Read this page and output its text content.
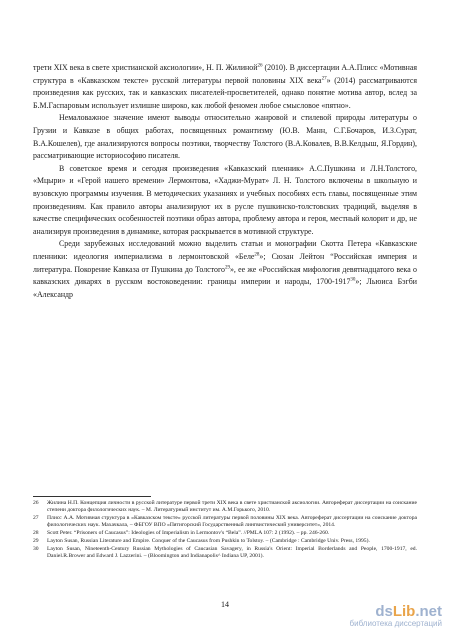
трети XIX века в свете христианской аксиологии», Н. П. Жилиной$^{26}$ (2010). В диссертации А.А.Плисс «Мотивная структура в «Кавказском тексте» русской литературы первой половины XIX века$^{27}$» (2014) рассматриваются произведения как русских, так и кавказских писателей-просветителей, однако понятие мотива автор, вслед за Б.М.Гаспаровым использует излишне широко, как любой феномен любое смысловое «пятно».

Немаловажное значение имеют выводы относительно жанровой и стилевой природы литературы о Грузии и Кавказе в общих работах, посвященных романтизму (Ю.В. Манн, С.Г.Бочаров, И.З.Сурат, В.А.Кошелев), где анализируются вопросы поэтики, творчеству Толстого (В.А.Ковалев, В.В.Келдыш, Я.Гордин), рассматривающие историософию писателя.

В советское время и сегодня произведения «Кавказский пленник» А.С.Пушкина и Л.Н.Толстого, «Мцыри» и «Герой нашего времени» Лермонтова, «Хаджи-Мурат» Л. Н. Толстого включены в школьную и вузовскую программы изучения. В методических указаниях и учебных пособиях есть главы, посвященные этим произведениям. Как правило авторы анализируют их в русле пушкинско-толстовских традиций, выделяя в качестве специфических особенностей поэтики образ автора, проблему автора и героя, местный колорит и др, не анализируя произведения в динамике, которая раскрывается в мотивной структуре.

Среди зарубежных исследований можно выделить статьи и монографии Скотта Петера «Кавказские пленники: идеология империализма в лермонтовской «Беле$^{28}$»; Сюзан Лейтон “Российская империя и литература. Покорение Кавказа от Пушкина до Толстого$^{29}$», ее же «Российская мифология девятнадцатого века о кавказских дикарях в русском востоковедении: границы империи и народы, 1700-1917$^{30}$»; Льюиса Бэгби «Александр

26	Жилина Н.П. Концепция личности в русской литературе первой трети XIX века в свете христианской аксиологии. Автореферат диссертации на соискание степени доктора филологических наук. – М. Литературный институт им. А.М.Горького, 2010.
27	Плисс А.А. Мотивная структура в «Кавказском тексте» русской литературы первой половины XIX века. Автореферат диссертации на соискание доктора филологических наук. Махачкала, – ФБГОУ ВПО «Пятигорский Государственный лингвистический университет», 2014.
28	Scott Peter. “Prisoners of Caucasus”: Ideologies of Imperialism in Lermontov's “Bela”. //PMLA 107: 2 (1992). – pp. 246-260.
29	Layton Susan, Russian Literature and Empire. Conquer of the Caucasus from Pushkin to Tolstoy. – (Cambridge : Cambridge Univ. Press, 1995).
30	Layton Susan, Nineteenth-Century Russian Mythologies of Caucasian Savagery, in Russia's Orient: Imperial Borderlands and People, 1700-1917, ed. Daniel.R.Brower and Edward J. Lazzerini. – (Bloomington and Indianapolis^ Indiana UP, 2001).
14	dsLib.net
библиотека диссертаций
